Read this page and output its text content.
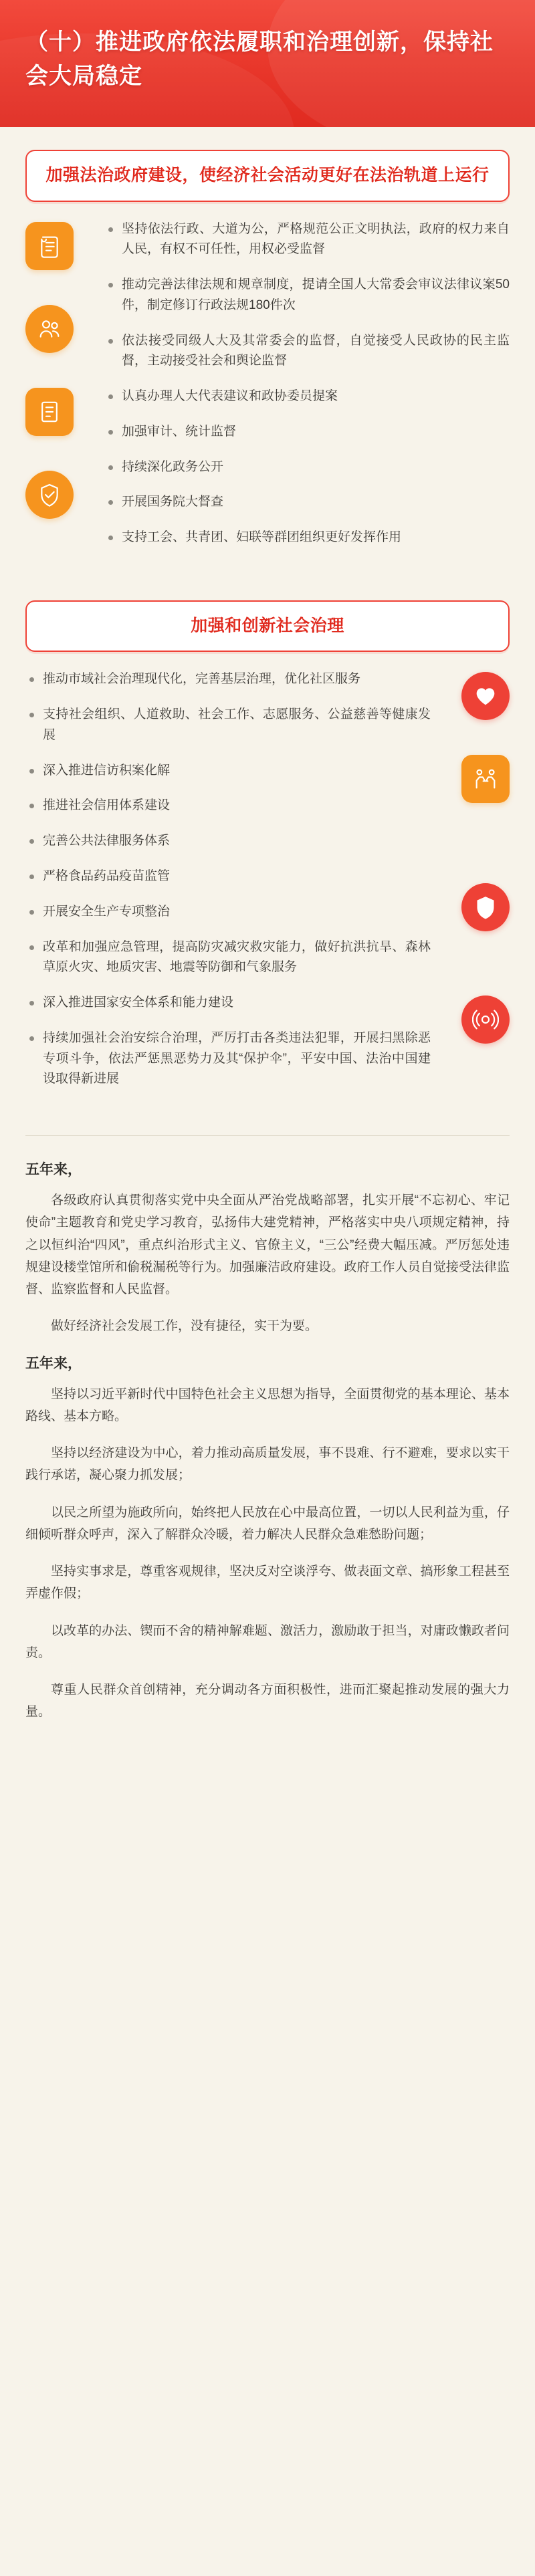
（十）推进政府依法履职和治理创新，保持社会大局稳定
加强法治政府建设，使经济社会活动更好在法治轨道上运行
坚持依法行政、大道为公，严格规范公正文明执法，政府的权力来自人民，有权不可任性，用权必受监督
推动完善法律法规和规章制度，提请全国人大常委会审议法律议案50件，制定修订行政法规180件次
依法接受同级人大及其常委会的监督，自觉接受人民政协的民主监督，主动接受社会和舆论监督
认真办理人大代表建议和政协委员提案
加强审计、统计监督
持续深化政务公开
开展国务院大督查
支持工会、共青团、妇联等群团组织更好发挥作用
加强和创新社会治理
推动市域社会治理现代化，完善基层治理，优化社区服务
支持社会组织、人道救助、社会工作、志愿服务、公益慈善等健康发展
深入推进信访积案化解
推进社会信用体系建设
完善公共法律服务体系
严格食品药品疫苗监管
开展安全生产专项整治
改革和加强应急管理，提高防灾减灾救灾能力，做好抗洪抗旱、森林草原火灾、地质灾害、地震等防御和气象服务
深入推进国家安全体系和能力建设
持续加强社会治安综合治理，严厉打击各类违法犯罪，开展扫黑除恶专项斗争，依法严惩黑恶势力及其“保护伞”，平安中国、法治中国建设取得新进展
五年来，
各级政府认真贯彻落实党中央全面从严治党战略部署，扎实开展“不忘初心、牢记使命”主题教育和党史学习教育，弘扬伟大建党精神，严格落实中央八项规定精神，持之以恒纠治“四风”，重点纠治形式主义、官僚主义，“三公”经费大幅压减。严厉惩处违规建设楼堂馆所和偷税漏税等行为。加强廉洁政府建设。政府工作人员自觉接受法律监督、监察监督和人民监督。
做好经济社会发展工作，没有捷径，实干为要。
五年来，
坚持以习近平新时代中国特色社会主义思想为指导，全面贯彻党的基本理论、基本路线、基本方略。
坚持以经济建设为中心，着力推动高质量发展，事不畏难、行不避难，要求以实干践行承诺，凝心聚力抓发展；
以民之所望为施政所向，始终把人民放在心中最高位置，一切以人民利益为重，仔细倾听群众呼声，深入了解群众冷暖，着力解决人民群众急难愁盼问题；
坚持实事求是，尊重客观规律，坚决反对空谈浮夸、做表面文章、搞形象工程甚至弄虚作假；
以改革的办法、锲而不舍的精神解难题、激活力，激励敢于担当，对庸政懒政者问责。
尊重人民群众首创精神，充分调动各方面积极性，进而汇聚起推动发展的强大力量。
